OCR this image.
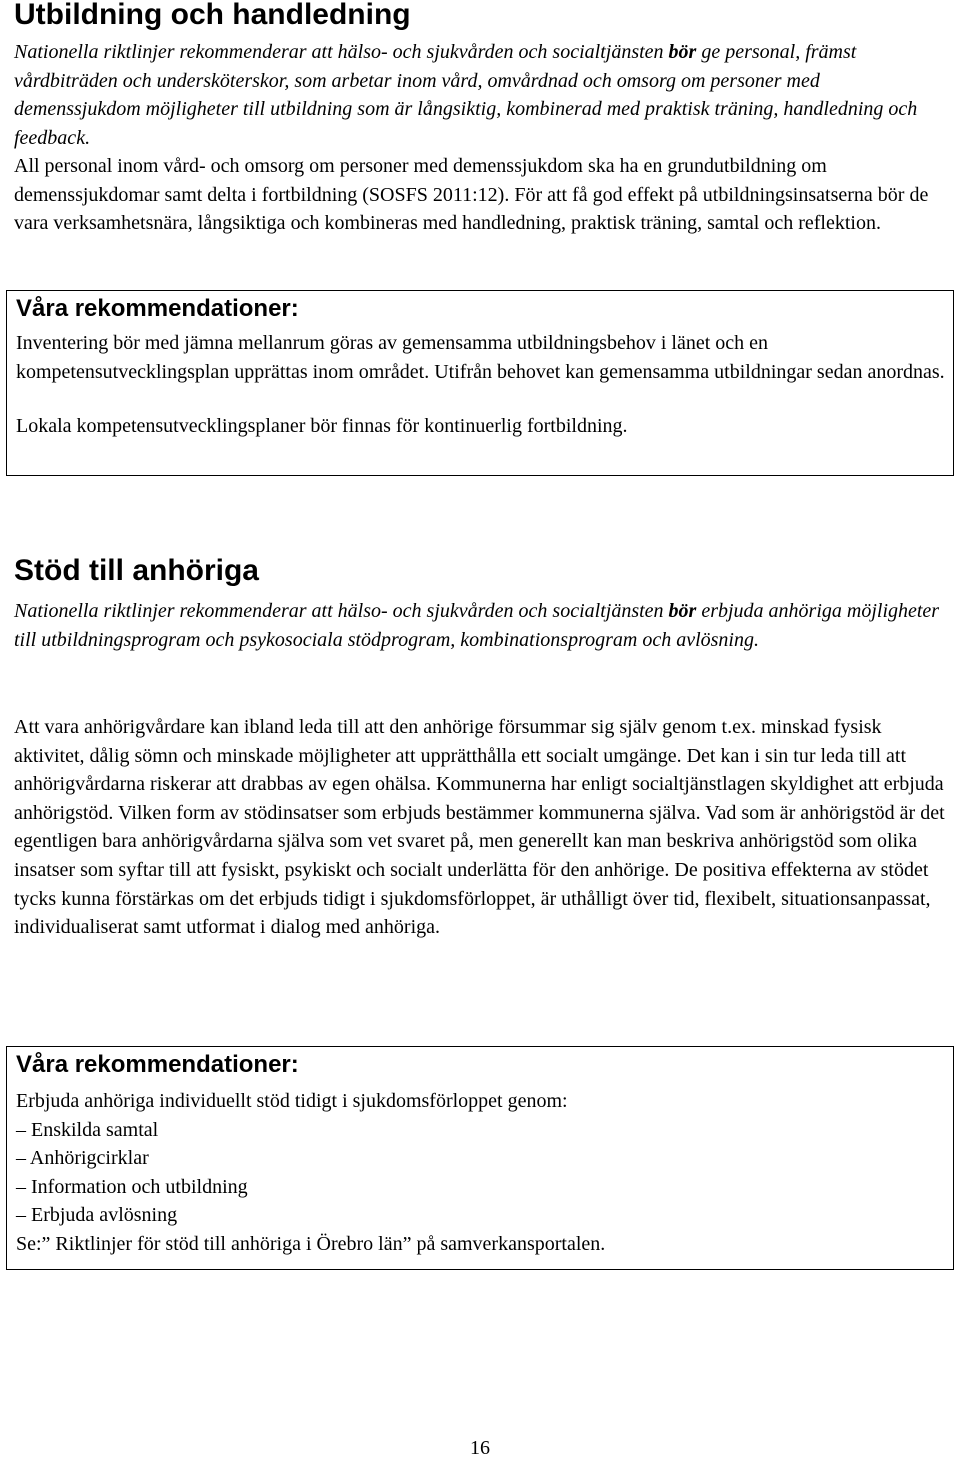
Utbildning och handledning

Nationella riktlinjer rekommenderar att hälso- och sjukvården och socialtjänsten bör ge personal, främst vårdbiträden och undersköterskor, som arbetar inom vård, omvårdnad och omsorg om personer med demenssjukdom möjligheter till utbildning som är långsiktig, kombinerad med praktisk träning, handledning och feedback.

All personal inom vård- och omsorg om personer med demenssjukdom ska ha en grundutbildning om demenssjukdomar samt delta i fortbildning (SOSFS 2011:12). För att få god effekt på utbildningsinsatserna bör de vara verksamhetsnära, långsiktiga och kombineras med handledning, praktisk träning, samtal och reflektion.

Våra rekommendationer:

Inventering bör med jämna mellanrum göras av gemensamma utbildningsbehov i länet och en kompetensutvecklingsplan upprättas inom området. Utifrån behovet kan gemensamma utbildningar sedan anordnas.

Lokala kompetensutvecklingsplaner bör finnas för kontinuerlig fortbildning.

Stöd till anhöriga

Nationella riktlinjer rekommenderar att hälso- och sjukvården och socialtjänsten bör erbjuda anhöriga möjligheter till utbildningsprogram och psykosociala stödprogram, kombinationsprogram och avlösning.

Att vara anhörigvårdare kan ibland leda till att den anhörige försummar sig själv genom t.ex. minskad fysisk aktivitet, dålig sömn och minskade möjligheter att upprätthålla ett socialt umgänge. Det kan i sin tur leda till att anhörigvårdarna riskerar att drabbas av egen ohälsa. Kommunerna har enligt socialtjänstlagen skyldighet att erbjuda anhörigstöd. Vilken form av stödinsatser som erbjuds bestämmer kommunerna själva. Vad som är anhörigstöd är det egentligen bara anhörigvårdarna själva som vet svaret på, men generellt kan man beskriva anhörigstöd som olika insatser som syftar till att fysiskt, psykiskt och socialt underlätta för den anhörige. De positiva effekterna av stödet tycks kunna förstärkas om det erbjuds tidigt i sjukdomsförloppet, är uthålligt över tid, flexibelt, situationsanpassat, individualiserat samt utformat i dialog med anhöriga.

Våra rekommendationer:

Erbjuda anhöriga individuellt stöd tidigt i sjukdomsförloppet genom:

– Enskilda samtal
– Anhörigcirklar
– Information och utbildning
– Erbjuda avlösning

Se:” Riktlinjer för stöd till anhöriga i Örebro län” på samverkansportalen.

16
